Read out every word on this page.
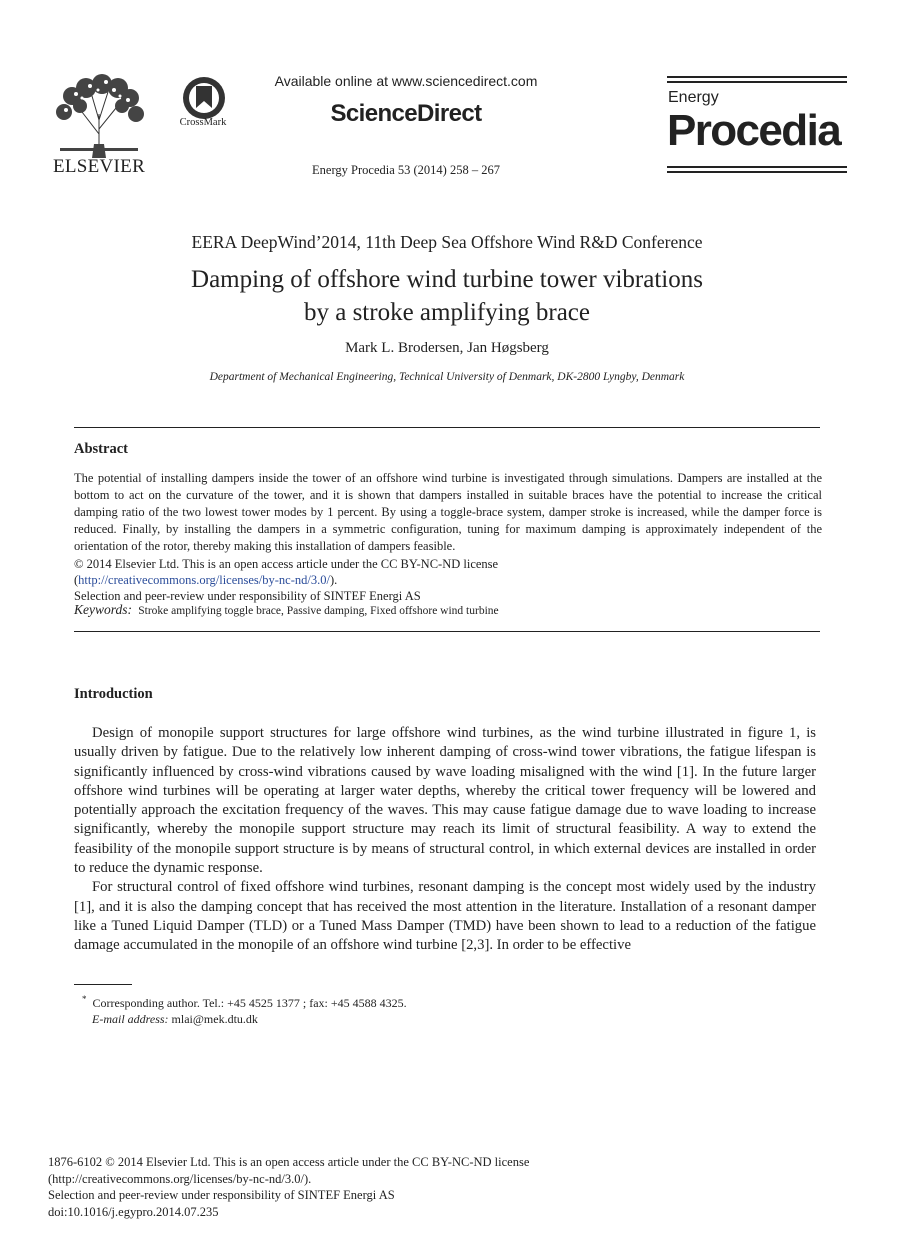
ELSEVIER
CrossMark
Available online at www.sciencedirect.com
ScienceDirect
Energy Procedia 53 (2014) 258 – 267
Energy
Procedia
EERA DeepWind’2014, 11th Deep Sea Offshore Wind R&D Conference
Damping of offshore wind turbine tower vibrations
by a stroke amplifying brace
Mark L. Brodersen, Jan Høgsberg
Department of Mechanical Engineering, Technical University of Denmark, DK-2800 Lyngby, Denmark
Abstract
The potential of installing dampers inside the tower of an offshore wind turbine is investigated through simulations. Dampers are installed at the bottom to act on the curvature of the tower, and it is shown that dampers installed in suitable braces have the potential to increase the critical damping ratio of the two lowest tower modes by 1 percent. By using a toggle-brace system, damper stroke is increased, while the damper force is reduced. Finally, by installing the dampers in a symmetric configuration, tuning for maximum damping is approximately independent of the orientation of the rotor, thereby making this installation of dampers feasible.
© 2014 Elsevier Ltd. This is an open access article under the CC BY-NC-ND license
(http://creativecommons.org/licenses/by-nc-nd/3.0/).
Selection and peer-review under responsibility of SINTEF Energi AS
Keywords: Stroke amplifying toggle brace, Passive damping, Fixed offshore wind turbine
Introduction

Design of monopile support structures for large offshore wind turbines, as the wind turbine illustrated in figure 1, is usually driven by fatigue. Due to the relatively low inherent damping of cross-wind tower vibrations, the fatigue lifespan is significantly influenced by cross-wind vibrations caused by wave loading misaligned with the wind [1]. In the future larger offshore wind turbines will be operating at larger water depths, whereby the critical tower frequency will be lowered and potentially approach the excitation frequency of the waves. This may cause fatigue damage due to wave loading to increase significantly, whereby the monopile support structure may reach its limit of structural feasibility. A way to extend the feasibility of the monopile support structure is by means of structural control, in which external devices are installed in order to reduce the dynamic response.

For structural control of fixed offshore wind turbines, resonant damping is the concept most widely used by the industry [1], and it is also the damping concept that has received the most attention in the literature. Installation of a resonant damper like a Tuned Liquid Damper (TLD) or a Tuned Mass Damper (TMD) have been shown to lead to a reduction of the fatigue damage accumulated in the monopile of an offshore wind turbine [2,3]. In order to be effective

* Corresponding author. Tel.: +45 4525 1377 ; fax: +45 4588 4325.
E-mail address: mlai@mek.dtu.dk
1876-6102 © 2014 Elsevier Ltd. This is an open access article under the CC BY-NC-ND license
(http://creativecommons.org/licenses/by-nc-nd/3.0/).
Selection and peer-review under responsibility of SINTEF Energi AS
doi:10.1016/j.egypro.2014.07.235
